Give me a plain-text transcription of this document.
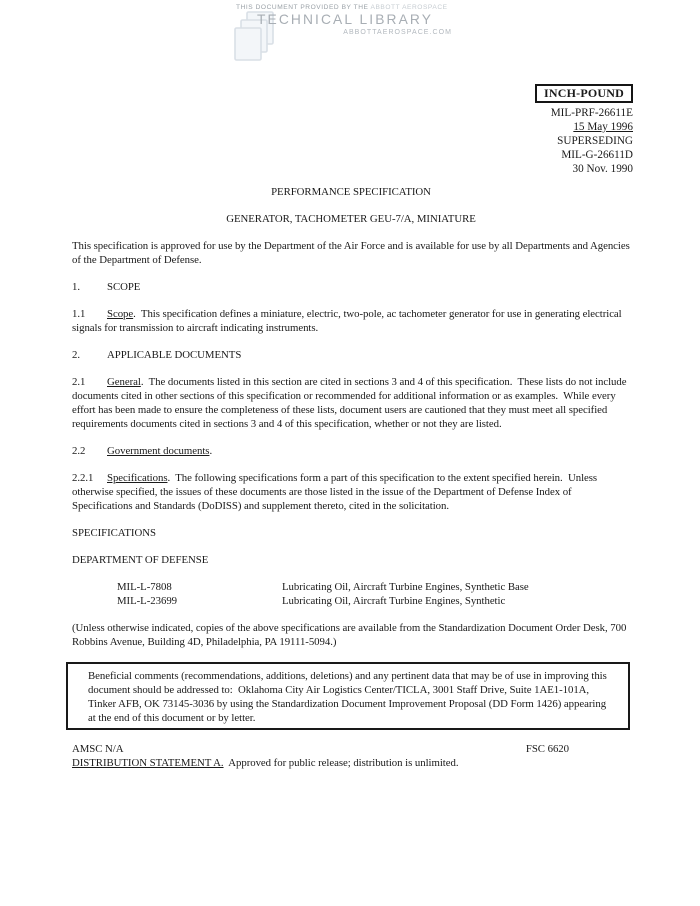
THIS DOCUMENT PROVIDED BY THE ABBOTT AEROSPACE
TECHNICAL LIBRARY
ABBOTTAEROSPACE.COM
INCH-POUND
MIL-PRF-26611E
15 May 1996
SUPERSEDING
MIL-G-26611D
30 Nov. 1990

PERFORMANCE SPECIFICATION

GENERATOR, TACHOMETER GEU-7/A, MINIATURE

This specification is approved for use by the Department of the Air Force and is available for use by all Departments and Agencies of the Department of Defense.

1.	SCOPE

1.1 Scope.  This specification defines a miniature, electric, two-pole, ac tachometer generator for use in generating electrical signals for transmission to aircraft indicating instruments.

2.	APPLICABLE DOCUMENTS

2.1 General.  The documents listed in this section are cited in sections 3 and 4 of this specification.  These lists do not include documents cited in other sections of this specification or recommended for additional information or as examples.  While every effort has been made to ensure the completeness of these lists, document users are cautioned that they must meet all specified requirements documents cited in sections 3 and 4 of this specification, whether or not they are listed.

2.2 Government documents.

2.2.1 Specifications.  The following specifications form a part of this specification to the extent specified herein.  Unless otherwise specified, the issues of these documents are those listed in the issue of the Department of Defense Index of Specifications and Standards (DoDISS) and supplement thereto, cited in the solicitation.

SPECIFICATIONS

DEPARTMENT OF DEFENSE

MIL-L-7808	Lubricating Oil, Aircraft Turbine Engines, Synthetic Base
MIL-L-23699	Lubricating Oil, Aircraft Turbine Engines, Synthetic

(Unless otherwise indicated, copies of the above specifications are available from the Standardization Document Order Desk, 700 Robbins Avenue, Building 4D, Philadelphia, PA 19111-5094.)

Beneficial comments (recommendations, additions, deletions) and any pertinent data that may be of use in improving this document should be addressed to:  Oklahoma City Air Logistics Center/TICLA, 3001 Staff Drive, Suite 1AE1-101A, Tinker AFB, OK 73145-3036 by using the Standardization Document Improvement Proposal (DD Form 1426) appearing at the end of this document or by letter.

AMSC N/A	FSC 6620

DISTRIBUTION STATEMENT A.  Approved for public release; distribution is unlimited.
